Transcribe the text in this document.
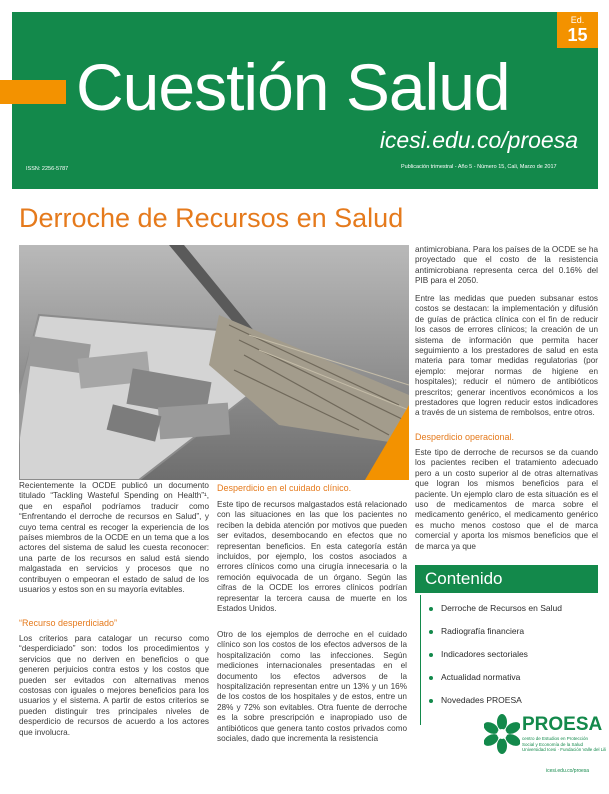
Ed.
15
Cuestión Salud
icesi.edu.co/proesa
ISSN: 2256-5787	Publicación trimestral - Año 5 - Número 15, Cali, Marzo de 2017
Derroche de Recursos en Salud
Recientemente la OCDE publicó un documento titulado “Tackling Wasteful Spending on Health”¹, que en español podríamos traducir como “Enfrentando el derroche de recursos en Salud”, y cuyo tema central es recoger la experiencia de los países miembros de la OCDE en un tema que a los actores del sistema de salud les cuesta reconocer: una parte de los recursos en salud está siendo malgastada en servicios y procesos que no contribuyen o empeoran el estado de salud de los usuarios y estos son en su mayoría evitables.
“Recurso desperdiciado”
Los criterios para catalogar un recurso como “desperdiciado” son: todos los procedimientos y servicios que no deriven en beneficios o que generen perjuicios contra estos y los costos que pueden ser evitados con alternativas menos costosas con iguales o mejores beneficios para los usuarios y el sistema. A partir de estos criterios se pueden distinguir tres principales niveles de desperdicio de recursos de acuerdo a los actores que involucra.
Desperdicio en el cuidado clínico.
Este tipo de recursos malgastados está relacionado con las situaciones en las que los pacientes no reciben la debida atención por motivos que pueden ser evitados, desembocando en efectos que no representan beneficios. En esta categoría están incluidos, por ejemplo, los costos asociados a errores clínicos como una cirugía innecesaria o la remoción equivocada de un órgano. Según las cifras de la OCDE los errores clínicos podrían representar la tercera causa de muerte en los Estados Unidos.
Otro de los ejemplos de derroche en el cuidado clínico son los costos de los efectos adversos de la hospitalización como las infecciones. Según mediciones internacionales presentadas en el documento los efectos adversos de la hospitalización representan entre un 13% y un 16% de los costos de los hospitales y de estos, entre un 28% y 72% son evitables. Otra fuente de derroche es la sobre prescripción e inapropiado uso de antibióticos que genera tanto costos privados como sociales, dado que incrementa la resistencia
antimicrobiana. Para los países de la OCDE se ha proyectado que el costo de la resistencia antimicrobiana representa cerca del 0.16% del PIB para el 2050.
Entre las medidas que pueden subsanar estos costos se destacan: la implementación y difusión de guías de práctica clínica con el fin de reducir los casos de errores clínicos; la creación de un sistema de información que permita hacer seguimiento a los prestadores de salud en esta materia para tomar medidas regulatorias (por ejemplo: mejorar normas de higiene en hospitales); reducir el número de antibióticos prescritos; generar incentivos económicos a los prestadores que logren reducir estos indicadores a través de un sistema de rembolsos, entre otros.
Desperdicio operacional.
Este tipo de derroche de recursos se da cuando los pacientes reciben el tratamiento adecuado pero a un costo superior al de otras alternativas que logran los mismos beneficios para el paciente. Un ejemplo claro de esta situación es el uso de medicamentos de marca sobre el medicamento genérico, el medicamento genérico es mucho menos costoso que el de marca comercial y aporta los mismos beneficios que el de marca ya que
Contenido
Derroche de Recursos en Salud
Radiografía financiera
Indicadores sectoriales
Actualidad normativa
Novedades PROESA
PROESA
centro de Estudios en Protección
Social y Economía de la Salud
Universidad Icesi · Fundación Valle del Lili
icesi.edu.co/proesa
